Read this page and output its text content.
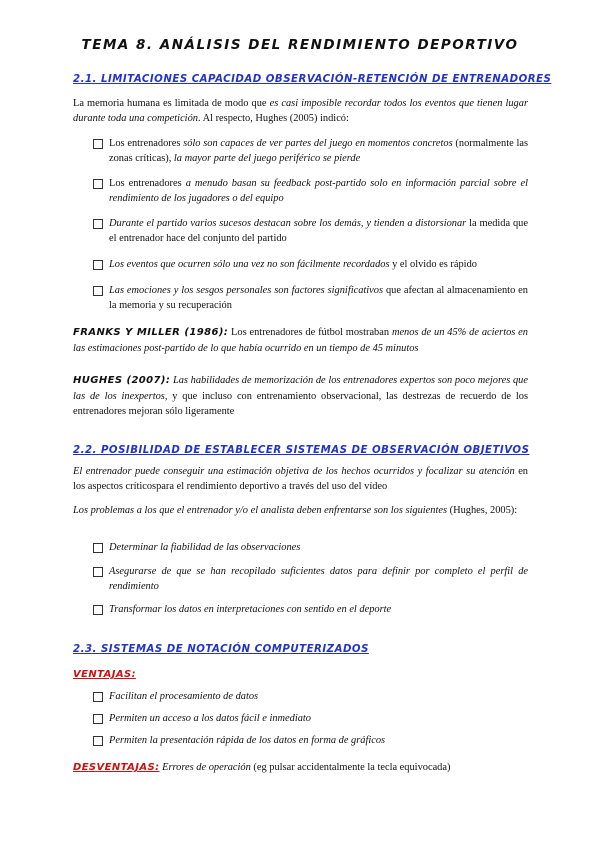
TEMA 8. ANÁLISIS DEL RENDIMIENTO DEPORTIVO
2.1. LIMITACIONES CAPACIDAD OBSERVACIÓN-RETENCIÓN DE ENTRENADORES
La memoria humana es limitada de modo que es casi imposible recordar todos los eventos que tienen lugar durante toda una competición. Al respecto, Hughes (2005) indicó:
Los entrenadores sólo son capaces de ver partes del juego en momentos concretos (normalmente las zonas críticas), la mayor parte del juego periférico se pierde
Los entrenadores a menudo basan su feedback post-partido solo en información parcial sobre el rendimiento de los jugadores o del equipo
Durante el partido varios sucesos destacan sobre los demás, y tienden a distorsionar la medida que el entrenador hace del conjunto del partido
Los eventos que ocurren sólo una vez no son fácilmente recordados y el olvido es rápido
Las emociones y los sesgos personales son factores significativos que afectan al almacenamiento en la memoria y su recuperación
FRANKS Y MILLER (1986): Los entrenadores de fútbol mostraban menos de un 45% de aciertos en las estimaciones post-partido de lo que había ocurrido en un tiempo de 45 minutos
HUGHES (2007): Las habilidades de memorización de los entrenadores expertos son poco mejores que las de los inexpertos, y que incluso con entrenamiento observacional, las destrezas de recuerdo de los entrenadores mejoran sólo ligeramente
2.2. POSIBILIDAD DE ESTABLECER SISTEMAS DE OBSERVACIÓN OBJETIVOS
El entrenador puede conseguir una estimación objetiva de los hechos ocurridos y focalizar su atención en los aspectos críticospara el rendimiento deportivo a través del uso del vídeo
Los problemas a los que el entrenador y/o el analista deben enfrentarse son los siguientes (Hughes, 2005):
Determinar la fiabilidad de las observaciones
Asegurarse de que se han recopilado suficientes datos para definir por completo el perfil de rendimiento
Transformar los datos en interpretaciones con sentido en el deporte
2.3. SISTEMAS DE NOTACIÓN COMPUTERIZADOS
VENTAJAS:
Facilitan el procesamiento de datos
Permiten un acceso a los datos fácil e inmediato
Permiten la presentación rápida de los datos en forma de gráficos
DESVENTAJAS: Errores de operación (eg pulsar accidentalmente la tecla equivocada)
